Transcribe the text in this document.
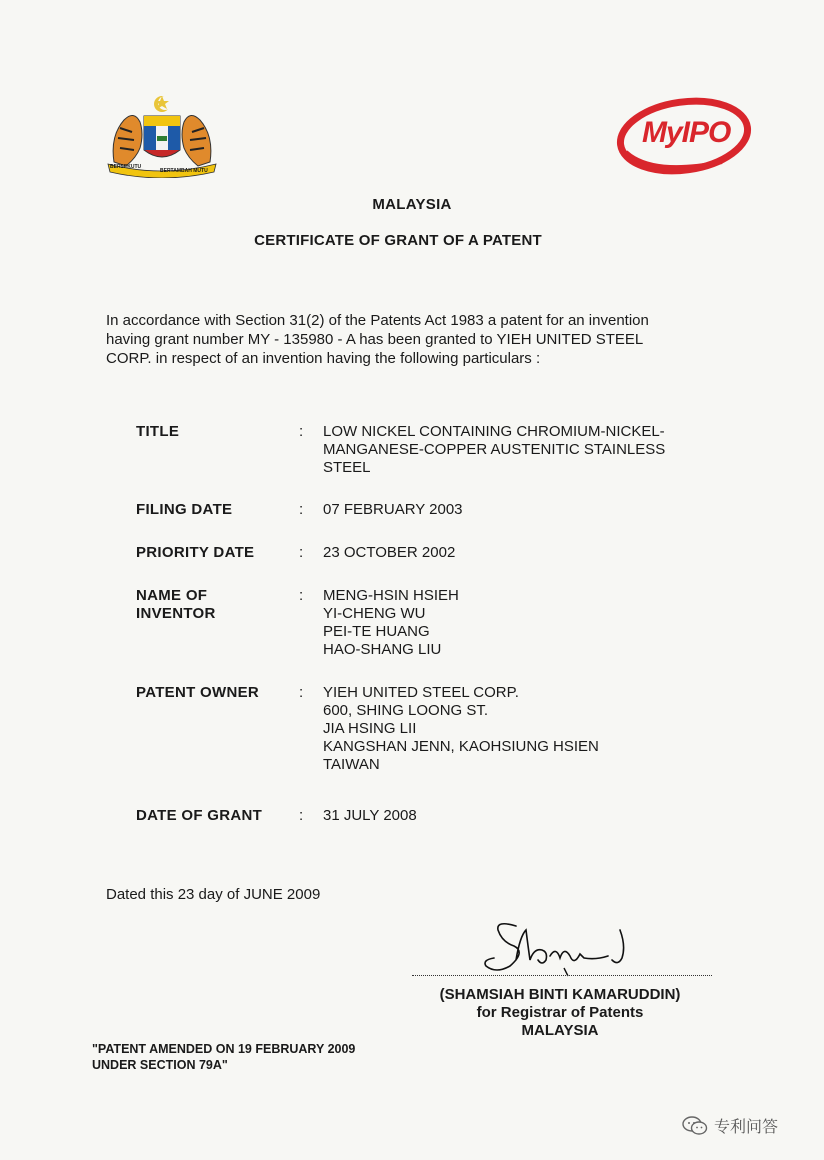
BERSEKUTU
BERTAMBAH MUTU
MyIPO
MALAYSIA
CERTIFICATE OF GRANT OF A PATENT
In accordance with Section 31(2) of the Patents Act 1983 a patent for an invention
having grant number MY - 135980 - A has been granted to YIEH UNITED STEEL
CORP. in respect of an invention having the following particulars :
TITLE	: LOW NICKEL CONTAINING CHROMIUM-NICKEL-
MANGANESE-COPPER AUSTENITIC STAINLESS
STEEL
FILING DATE	: 07 FEBRUARY 2003
PRIORITY DATE	: 23 OCTOBER 2002
NAME OF
INVENTOR
: MENG-HSIN HSIEH
YI-CHENG WU
PEI-TE HUANG
HAO-SHANG LIU
PATENT OWNER	: YIEH UNITED STEEL CORP.
600, SHING LOONG ST.
JIA HSING LII
KANGSHAN JENN, KAOHSIUNG HSIEN
TAIWAN
DATE OF GRANT : 31 JULY 2008
Dated this 23 day of JUNE 2009
(SHAMSIAH BINTI KAMARUDDIN)
for Registrar of Patents
MALAYSIA
"PATENT AMENDED ON 19 FEBRUARY 2009
UNDER SECTION 79A"
专利问答
